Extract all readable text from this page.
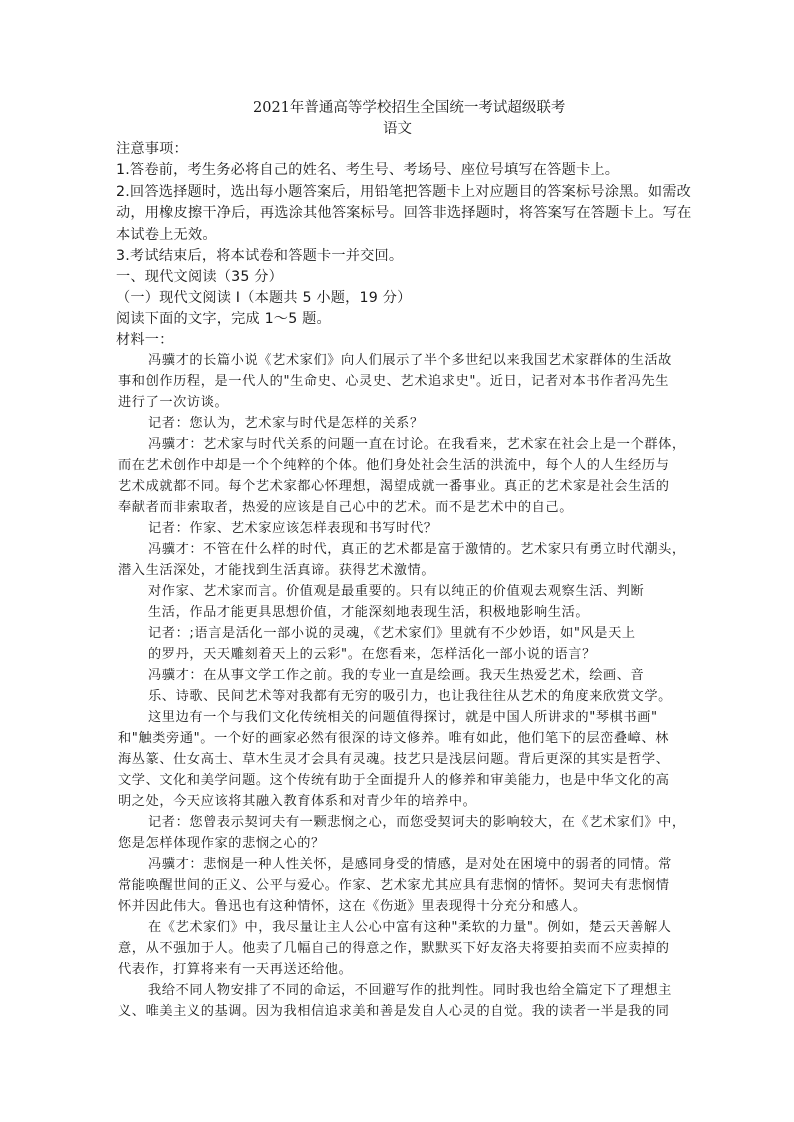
2021年普通高等学校招生全国统一考试超级联考
语文
注意事项：
1.答卷前，考生务必将自己的姓名、考生号、考场号、座位号填写在答题卡上。
2.回答选择题时，选出每小题答案后，用铅笔把答题卡上对应题目的答案标号涂黑。如需改
动，用橡皮擦干净后，再选涂其他答案标号。回答非选择题时，将答案写在答题卡上。写在
本试卷上无效。
3.考试结束后，将本试卷和答题卡一并交回。
一、现代文阅读（35 分）
（一）现代文阅读 I（本题共 5 小题，19 分）
阅读下面的文字，完成 1～5 题。
材料一：
冯骥才的长篇小说《艺术家们》向人们展示了半个多世纪以来我国艺术家群体的生活故
事和创作历程，是一代人的"生命史、心灵史、艺术追求史"。近日，记者对本书作者冯先生
进行了一次访谈。
记者：您认为，艺术家与时代是怎样的关系？
冯骥才：艺术家与时代关系的问题一直在讨论。在我看来，艺术家在社会上是一个群体，
而在艺术创作中却是一个个纯粹的个体。他们身处社会生活的洪流中，每个人的人生经历与
艺术成就都不同。每个艺术家都心怀理想，渴望成就一番事业。真正的艺术家是社会生活的
奉献者而非索取者，热爱的应该是自己心中的艺术。而不是艺术中的自己。
记者：作家、艺术家应该怎样表现和书写时代？
冯骥才：不管在什么样的时代，真正的艺术都是富于激情的。艺术家只有勇立时代潮头，
潜入生活深处，才能找到生活真谛。获得艺术激情。
对作家、艺术家而言。价值观是最重要的。只有以纯正的价值观去观察生活、判断
生活，作品才能更具思想价值，才能深刻地表现生活，积极地影响生活。
记者：;语言是活化一部小说的灵魂，《艺术家们》里就有不少妙语，如"风是天上
的罗丹，天天雕刻着天上的云彩"。在您看来，怎样活化一部小说的语言？
冯骥才：在从事文学工作之前。我的专业一直是绘画。我天生热爱艺术，绘画、音
乐、诗歌、民间艺术等对我都有无穷的吸引力，也让我往往从艺术的角度来欣赏文学。
这里边有一个与我们文化传统相关的问题值得探讨，就是中国人所讲求的"琴棋书画"
和"触类旁通"。一个好的画家必然有很深的诗文修养。唯有如此，他们笔下的层峦叠嶂、林
海丛篆、仕女高士、草木生灵才会具有灵魂。技艺只是浅层问题。背后更深的其实是哲学、
文学、文化和美学问题。这个传统有助于全面提升人的修养和审美能力，也是中华文化的高
明之处，今天应该将其融入教育体系和对青少年的培养中。
记者：您曾表示契诃夫有一颗悲悯之心，而您受契诃夫的影响较大，在《艺术家们》中，
您是怎样体现作家的悲悯之心的？
冯骥才：悲悯是一种人性关怀，是感同身受的情感，是对处在困境中的弱者的同情。常
常能唤醒世间的正义、公平与爱心。作家、艺术家尤其应具有悲悯的情怀。契诃夫有悲悯情
怀并因此伟大。鲁迅也有这种情怀，这在《伤逝》里表现得十分充分和感人。
在《艺术家们》中，我尽量让主人公心中富有这种"柔软的力量"。例如，楚云天善解人
意，从不强加于人。他卖了几幅自己的得意之作，默默买下好友洛夫将要拍卖而不应卖掉的
代表作，打算将来有一天再送还给他。
我给不同人物安排了不同的命运，不回避写作的批判性。同时我也给全篇定下了理想主
义、唯美主义的基调。因为我相信追求美和善是发自人心灵的自觉。我的读者一半是我的同
